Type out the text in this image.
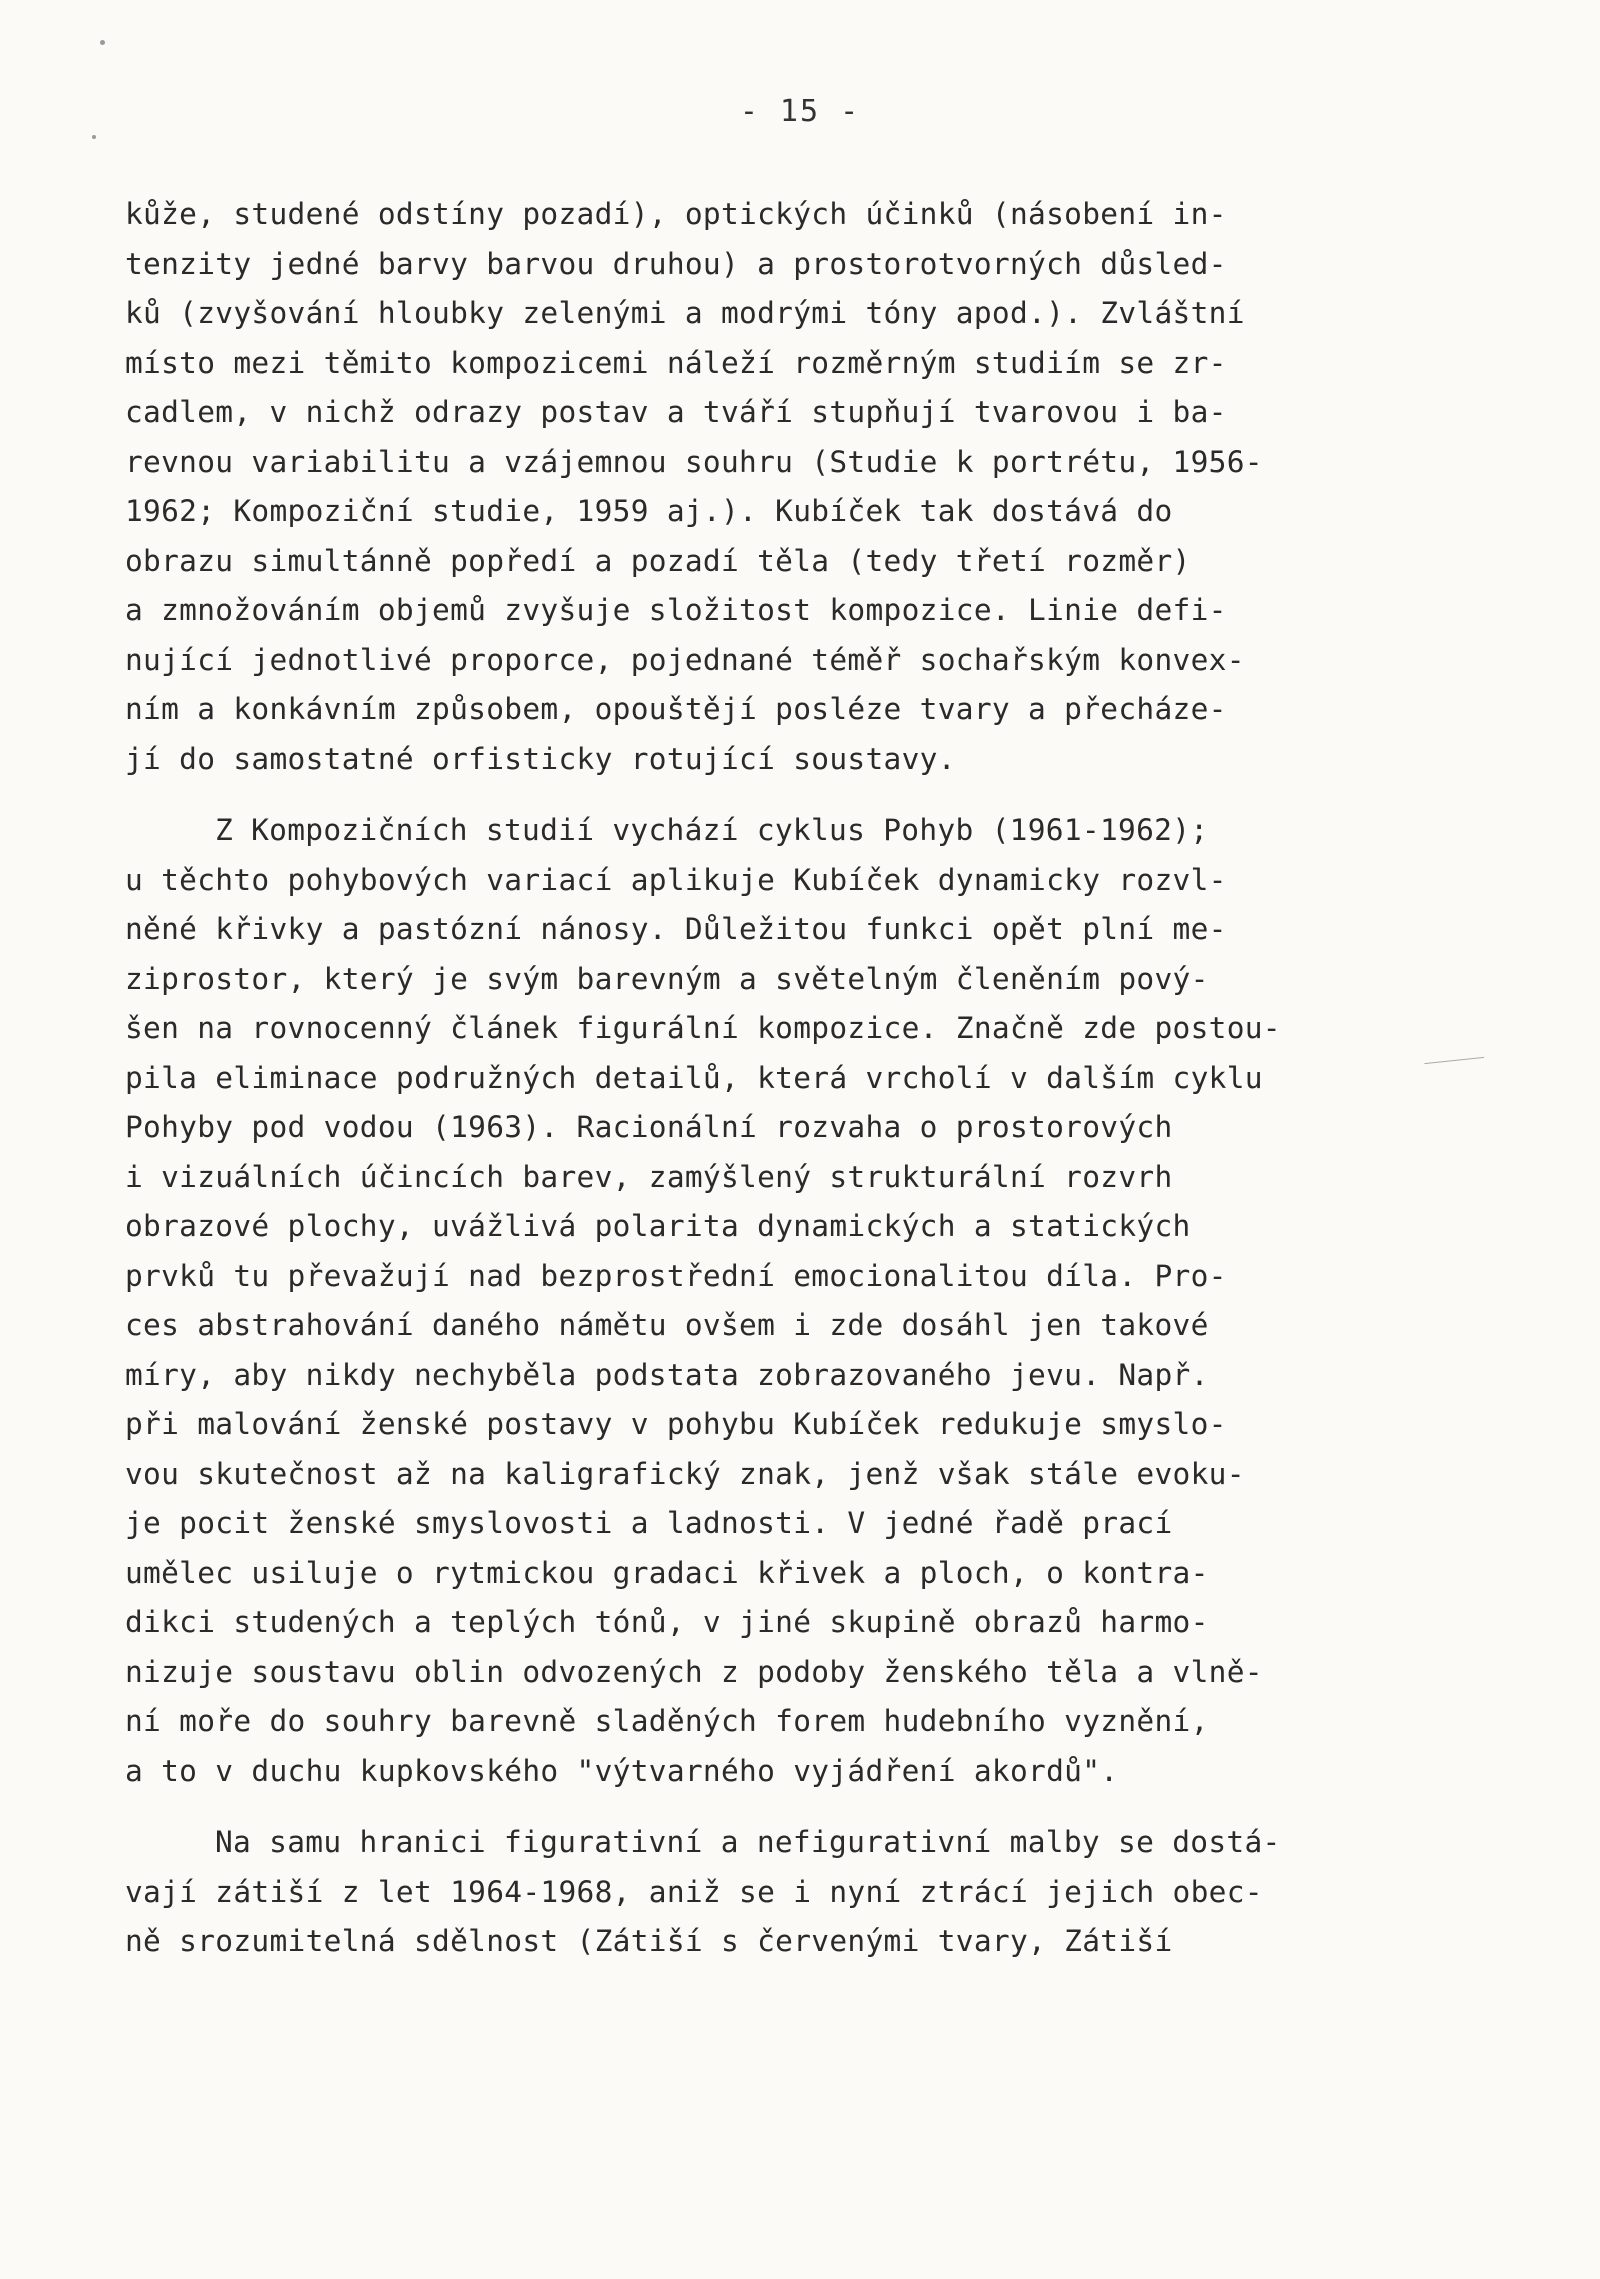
- 15 -
kůže, studené odstíny pozadí), optických účinků (násobení in-
tenzity jedné barvy barvou druhou) a prostorotvorných důsled-
ků (zvyšování hloubky zelenými a modrými tóny apod.). Zvláštní
místo mezi těmito kompozicemi náleží rozměrným studiím se zr-
cadlem, v nichž odrazy postav a tváří stupňují tvarovou i ba-
revnou variabilitu a vzájemnou souhru (Studie k portrétu, 1956-
1962; Kompoziční studie, 1959 aj.). Kubíček tak dostává do
obrazu simultánně popředí a pozadí těla (tedy třetí rozměr)
a zmnožováním objemů zvyšuje složitost kompozice. Linie defi-
nující jednotlivé proporce, pojednané téměř sochařským konvex-
ním a konkávním způsobem, opouštějí posléze tvary a přecháze-
jí do samostatné orfisticky rotující soustavy.
Z Kompozičních studií vychází cyklus Pohyb (1961-1962);
u těchto pohybových variací aplikuje Kubíček dynamicky rozvl-
něné křivky a pastózní nánosy. Důležitou funkci opět plní me-
ziprostor, který je svým barevným a světelným členěním pový-
šen na rovnocenný článek figurální kompozice. Značně zde postou-
pila eliminace podružných detailů, která vrcholí v dalším cyklu
Pohyby pod vodou (1963). Racionální rozvaha o prostorových
i vizuálních účincích barev, zamýšlený strukturální rozvrh
obrazové plochy, uvážlivá polarita dynamických a statických
prvků tu převažují nad bezprostřední emocionalitou díla. Pro-
ces abstrahování daného námětu ovšem i zde dosáhl jen takové
míry, aby nikdy nechyběla podstata zobrazovaného jevu. Např.
při malování ženské postavy v pohybu Kubíček redukuje smyslo-
vou skutečnost až na kaligrafický znak, jenž však stále evoku-
je pocit ženské smyslovosti a ladnosti. V jedné řadě prací
umělec usiluje o rytmickou gradaci křivek a ploch, o kontra-
dikci studených a teplých tónů, v jiné skupině obrazů harmo-
nizuje soustavu oblin odvozených z podoby ženského těla a vlně-
ní moře do souhry barevně sladěných forem hudebního vyznění,
a to v duchu kupkovského "výtvarného vyjádření akordů".
Na samu hranici figurativní a nefigurativní malby se dostá-
vají zátiší z let 1964-1968, aniž se i nyní ztrácí jejich obec-
ně srozumitelná sdělnost (Zátiší s červenými tvary, Zátiší
